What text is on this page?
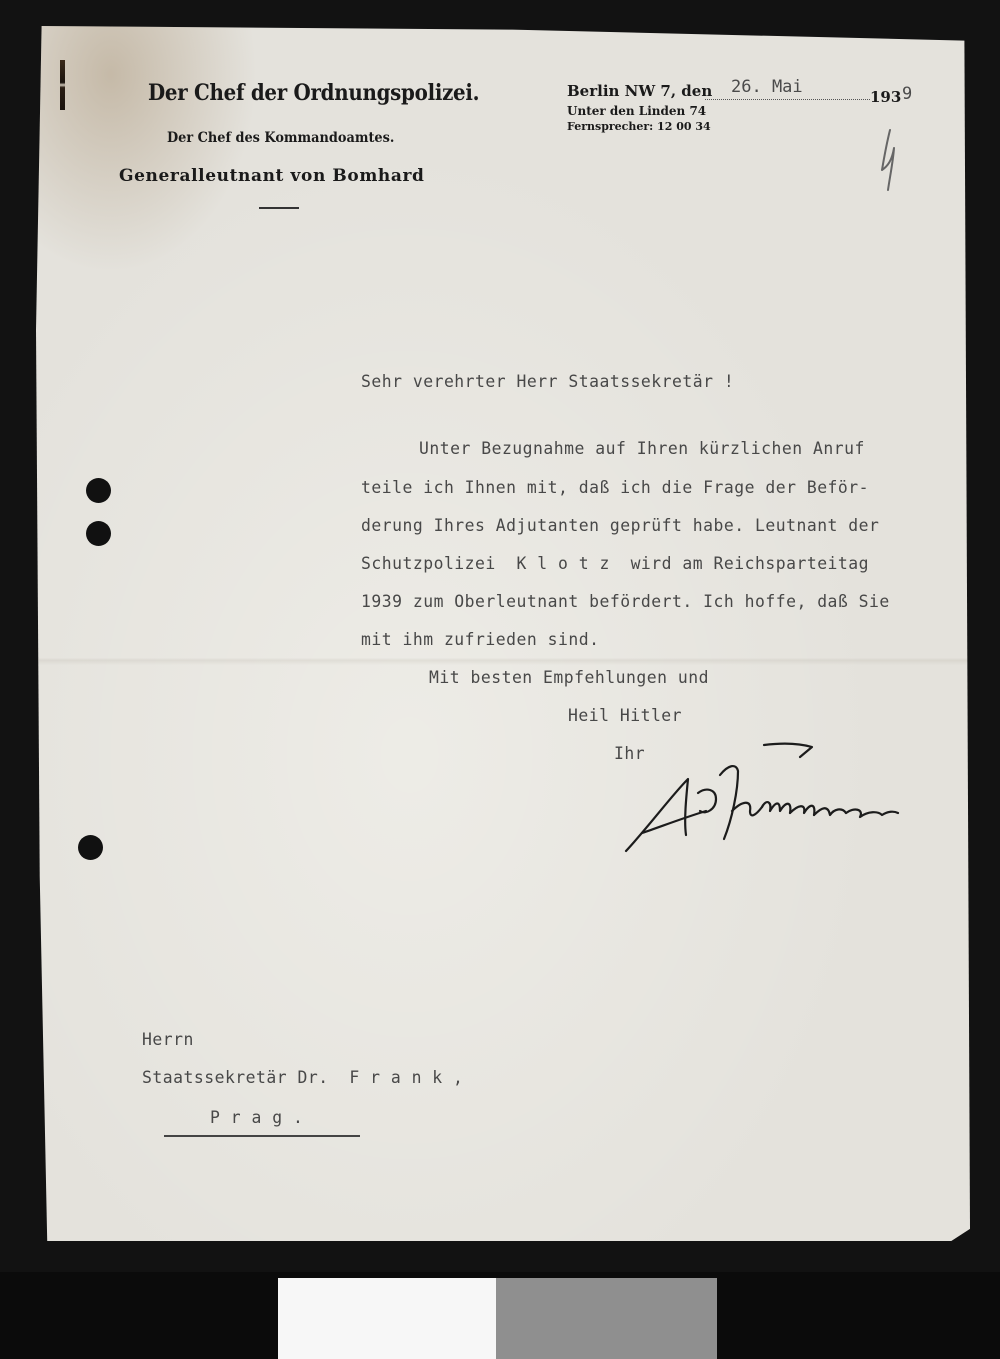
Der Chef der Ordnungspolizei.
Der Chef des Kommandoamtes.
Generalleutnant von Bomhard
Berlin NW 7, den
Unter den Linden 74
Fernsprecher: 12 00 34
26. Mai	193 9
Sehr verehrter Herr Staatssekretär !
Unter Bezugnahme auf Ihren kürzlichen Anruf
teile ich Ihnen mit, daß ich die Frage der Beför-
derung Ihres Adjutanten geprüft habe. Leutnant der
Schutzpolizei  K l o t z  wird am Reichsparteitag
1939 zum Oberleutnant befördert. Ich hoffe, daß Sie
mit ihm zufrieden sind.
Mit besten Empfehlungen und
Heil Hitler
Ihr
Herrn
Staatssekretär Dr.  F r a n k ,
P r a g .
